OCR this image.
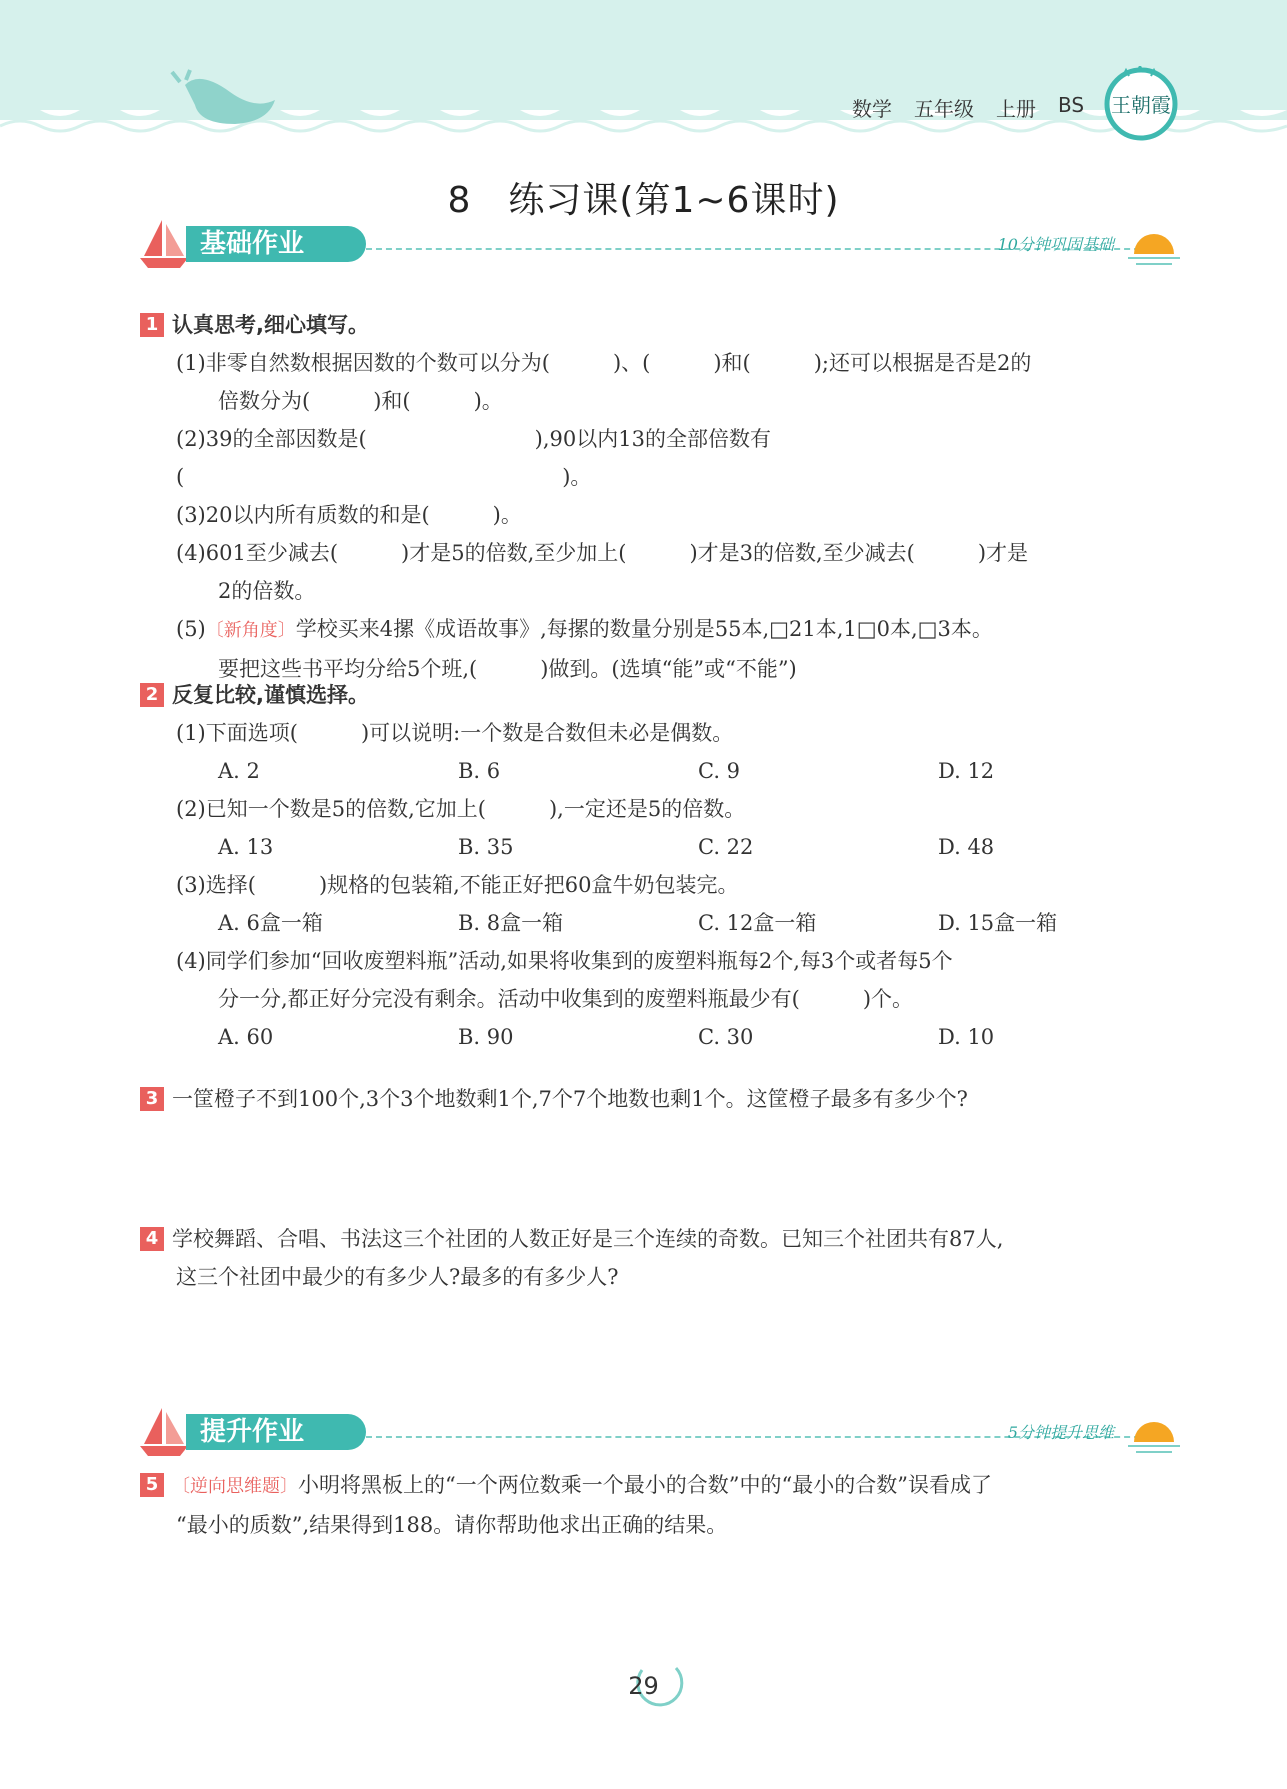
数学 五年级 上册 BS 王朝霞
8　练习课(第1~6课时)
基础作业	10分钟巩固基础
1 认真思考,细心填写。
(1)非零自然数根据因数的个数可以分为(　　　)、(　　　)和(　　　);还可以根据是否是2的
倍数分为(　　　)和(　　　)。
(2)39的全部因数是(　　　　　　　　),90以内13的全部倍数有(　　　　　　　　　　　　　　　　　　)。
(3)20以内所有质数的和是(　　　)。
(4)601至少减去(　　　)才是5的倍数,至少加上(　　　)才是3的倍数,至少减去(　　　)才是
2的倍数。
(5)〔新角度〕学校买来4摞《成语故事》,每摞的数量分别是55本,□21本,1□0本,□3本。
要把这些书平均分给5个班,(　　　)做到。(选填“能”或“不能”)
2 反复比较,谨慎选择。
(1)下面选项(　　　)可以说明:一个数是合数但未必是偶数。
A. 2	B. 6	C. 9	D. 12
(2)已知一个数是5的倍数,它加上(　　　),一定还是5的倍数。
A. 13	B. 35	C. 22	D. 48
(3)选择(　　　)规格的包装箱,不能正好把60盒牛奶包装完。
A. 6盒一箱	B. 8盒一箱	C. 12盒一箱	D. 15盒一箱
(4)同学们参加“回收废塑料瓶”活动,如果将收集到的废塑料瓶每2个,每3个或者每5个
分一分,都正好分完没有剩余。活动中收集到的废塑料瓶最少有(　　　)个。
A. 60	B. 90	C. 30	D. 10
3 一筐橙子不到100个,3个3个地数剩1个,7个7个地数也剩1个。这筐橙子最多有多少个?
4 学校舞蹈、合唱、书法这三个社团的人数正好是三个连续的奇数。已知三个社团共有87人,
这三个社团中最少的有多少人?最多的有多少人?
提升作业	5分钟提升思维
5 〔逆向思维题〕小明将黑板上的“一个两位数乘一个最小的合数”中的“最小的合数”误看成了
“最小的质数”,结果得到188。请你帮助他求出正确的结果。
29
